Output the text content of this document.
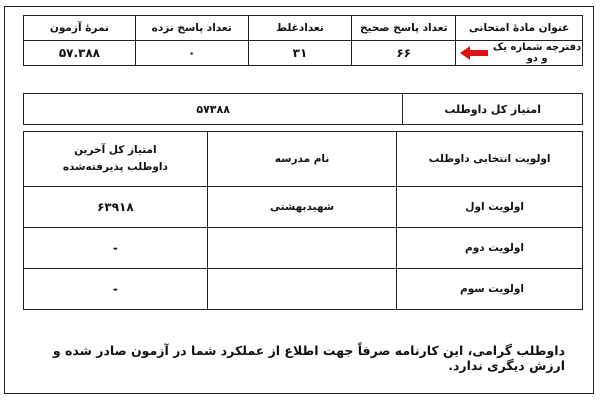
عنوان مادهٔ امتحانی	تعداد پاسخ صحیح	تعدادغلط	تعداد پاسخ نزده	نمرهٔ آزمون

دفترچه شماره یک و دو	۶۶	۳۱	۰	۵۷.۳۸۸
امتیاز کل داوطلب	۵۷۳۸۸
اولویت انتخابی داوطلب	نام مدرسه	امتیاز کل آخرین داوطلب پذیرفته‌شده
اولویت اول	شهیدبهشتی	۶۳۹۱۸
اولویت دوم		-
اولویت سوم		-
داوطلب گرامی، این کارنامه صرفاً جهت اطلاع از عملکرد شما در آزمون صادر شده و ارزش دیگری ندارد.
